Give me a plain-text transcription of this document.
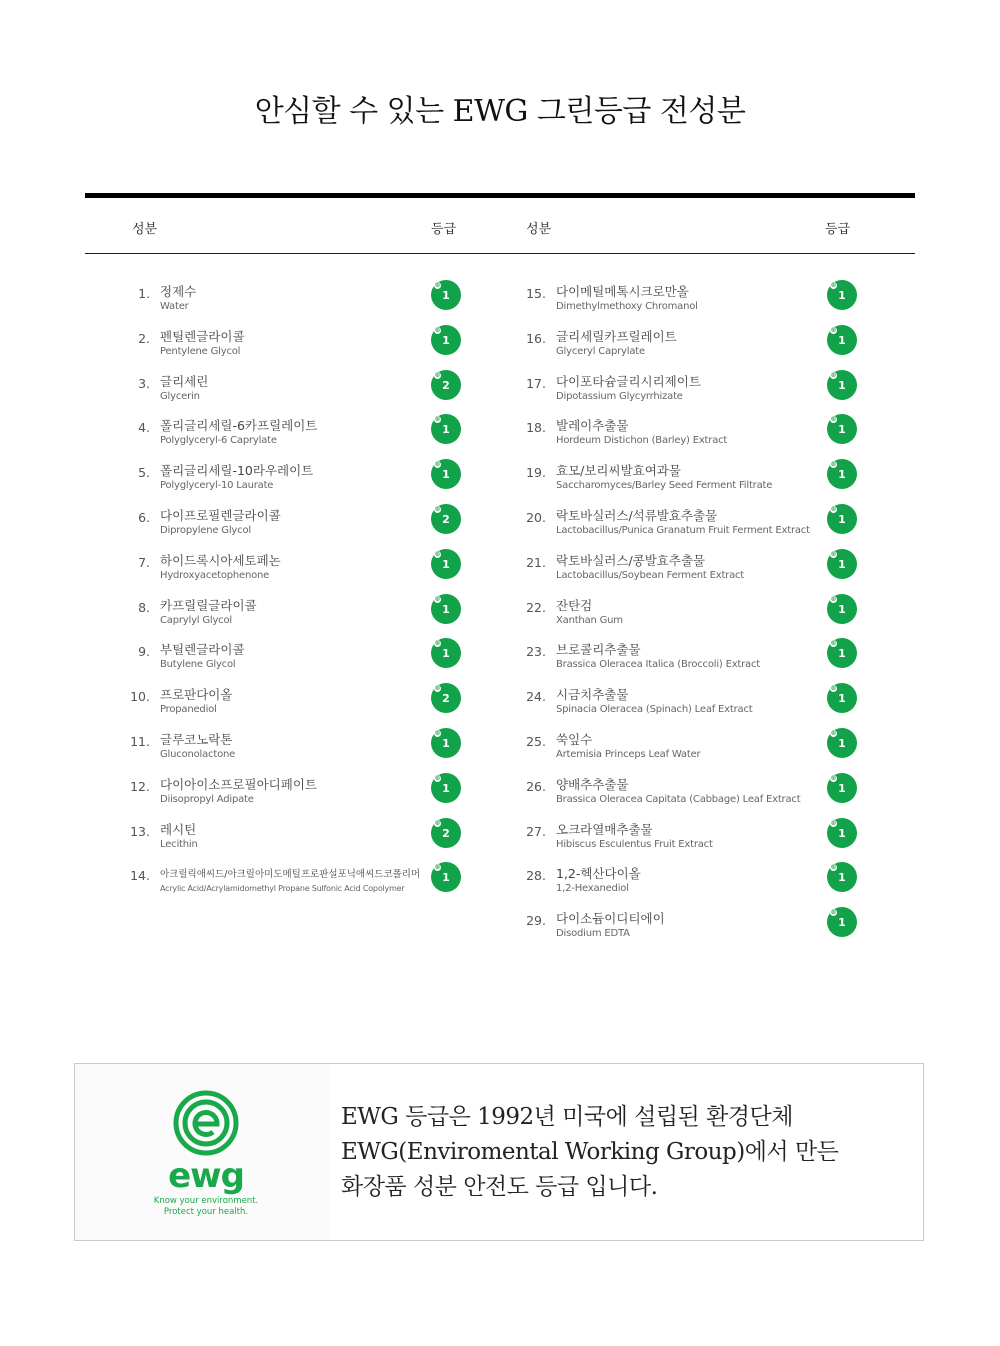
안심할 수 있는 EWG 그린등급 전성분
성분	등급	성분	등급
1. 정제수
Water
®
1
2. 펜틸렌글라이콜
Pentylene Glycol
®
1
3. 글리세린
Glycerin
®
2
4. 폴리글리세릴-6카프릴레이트
Polyglyceryl-6 Caprylate
®
1
5. 폴리글리세릴-10라우레이트
Polyglyceryl-10 Laurate
®
1
6. 다이프로필렌글라이콜
Dipropylene Glycol
®
2
7. 하이드록시아세토페논
Hydroxyacetophenone
®
1
8. 카프릴릴글라이콜
Caprylyl Glycol
®
1
9. 부틸렌글라이콜
Butylene Glycol
®
1
10. 프로판다이올
Propanediol
®
2
11. 글루코노락톤
Gluconolactone
®
1
12. 다이아이소프로필아디페이트
Diisopropyl Adipate
®
1
13. 레시틴
Lecithin
®
2
14. 아크릴릭애씨드/아크릴아미도메틸프로판설포닉애씨드코폴리머
Acrylic Acid/Acrylamidomethyl Propane Sulfonic Acid Copolymer
®
1
15. 다이메틸메톡시크로만올
Dimethylmethoxy Chromanol
®
1
16. 글리세릴카프릴레이트
Glyceryl Caprylate
®
1
17. 다이포타슘글리시리제이트
Dipotassium Glycyrrhizate
®
1
18. 발레이추출물
Hordeum Distichon (Barley) Extract
®
1
19. 효모/보리씨발효여과물
Saccharomyces/Barley Seed Ferment Filtrate
®
1
20. 락토바실러스/석류발효추출물
Lactobacillus/Punica Granatum Fruit Ferment Extract
®
1
21. 락토바실러스/콩발효추출물
Lactobacillus/Soybean Ferment Extract
®
1
22. 잔탄검
Xanthan Gum
®
1
23. 브로콜리추출물
Brassica Oleracea Italica (Broccoli) Extract
®
1
24. 시금치추출물
Spinacia Oleracea (Spinach) Leaf Extract
®
1
25. 쑥잎수
Artemisia Princeps Leaf Water
®
1
26. 양배추추출물
Brassica Oleracea Capitata (Cabbage) Leaf Extract
®
1
27. 오크라열매추출물
Hibiscus Esculentus Fruit Extract
®
1
28. 1,2-헥산다이올
1,2-Hexanediol
®
1
29. 다이소듐이디티에이
Disodium EDTA
®
1
ewg
Know your environment.
Protect your health.
EWG 등급은 1992년 미국에 설립된 환경단체
EWG(Enviromental Working Group)에서 만든
화장품 성분 안전도 등급 입니다.
